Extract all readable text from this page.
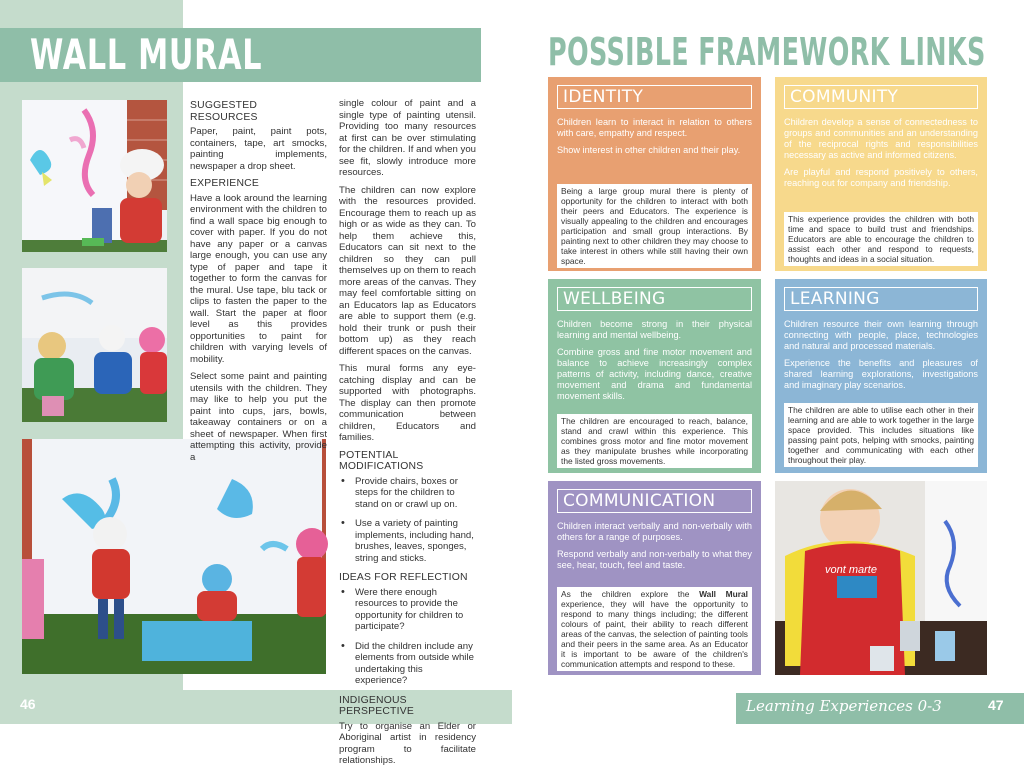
WALL MURAL
SUGGESTED RESOURCES

Paper, paint, paint pots, containers, tape, art smocks, painting implements, newspaper a drop sheet.

EXPERIENCE

Have a look around the learning environment with the children to find a wall space big enough to cover with paper. If you do not have any paper or a canvas large enough, you can use any type of paper and tape it together to form the canvas for the mural. Use tape, blu tack or clips to fasten the paper to the wall. Start the paper at floor level as this provides opportunities to paint for children with varying levels of mobility.

Select some paint and painting utensils with the children. They may like to help you put the paint into cups, jars, bowls, takeaway containers or on a sheet of newspaper. When first attempting this activity, provide a

single colour of paint and a single type of painting utensil. Providing too many resources at first can be over stimulating for the children. If and when you see fit, slowly introduce more resources.

The children can now explore with the resources provided. Encourage them to reach up as high or as wide as they can. To help them achieve this, Educators can sit next to the children so they can pull themselves up on them to reach more areas of the canvas. They may feel comfortable sitting on an Educators lap as Educators are able to support them (e.g. hold their trunk or push their bottom up) as they reach different spaces on the canvas.

This mural forms any eye-catching display and can be supported with photographs. The display can then promote communication between children, Educators and families.

POTENTIAL MODIFICATIONS
• Provide chairs, boxes or steps for the children to stand on or crawl up on.
• Use a variety of painting implements, including hand, brushes, leaves, sponges, string and sticks.
IDEAS FOR REFLECTION
• Were there enough resources to provide the opportunity for children to participate?
• Did the children include any elements from outside while undertaking this experience?
INDIGENOUS PERSPECTIVE

Try to organise an Elder or Aboriginal artist in residency program to facilitate relationships.

46
POSSIBLE FRAMEWORK LINKS
IDENTITY

Children learn to interact in relation to others with care, empathy and respect.

Show interest in other children and their play.

Being a large group mural there is plenty of opportunity for the children to interact with both their peers and Educators. The experience is visually appealing to the children and encourages participation and small group interactions. By painting next to other children they may choose to take interest in others while still having their own space.
COMMUNITY

Children develop a sense of connectedness to groups and communities and an understanding of the reciprocal rights and responsibilities necessary as active and informed citizens.

Are playful and respond positively to others, reaching out for company and friendship.

This experience provides the children with both time and space to build trust and friendships. Educators are able to encourage the children to assist each other and respond to requests, thoughts and ideas in a social situation.
WELLBEING

Children become strong in their physical learning and mental wellbeing.

Combine gross and fine motor movement and balance to achieve increasingly complex patterns of activity, including dance, creative movement and drama and fundamental movement skills.

The children are encouraged to reach, balance, stand and crawl within this experience. This combines gross motor and fine motor movement as they manipulate brushes while incorporating the listed gross movements.
LEARNING

Children resource their own learning through connecting with people, place, technologies and natural and processed materials.

Experience the benefits and pleasures of shared learning explorations, investigations and imaginary play scenarios.

The children are able to utilise each other in their learning and are able to work together in the large space provided. This includes situations like passing paint pots, helping with smocks, painting together and communicating with each other throughout their play.
COMMUNICATION

Children interact verbally and non-verbally with others for a range of purposes.

Respond verbally and non-verbally to what they see, hear, touch, feel and taste.

As the children explore the Wall Mural experience, they will have the opportunity to respond to many things including; the different colours of paint, their ability to reach different areas of the canvas, the selection of painting tools and their peers in the same area. As an Educator it is important to be aware of the children's communication attempts and respond to these.
vont marte
Learning Experiences 0-3	47
